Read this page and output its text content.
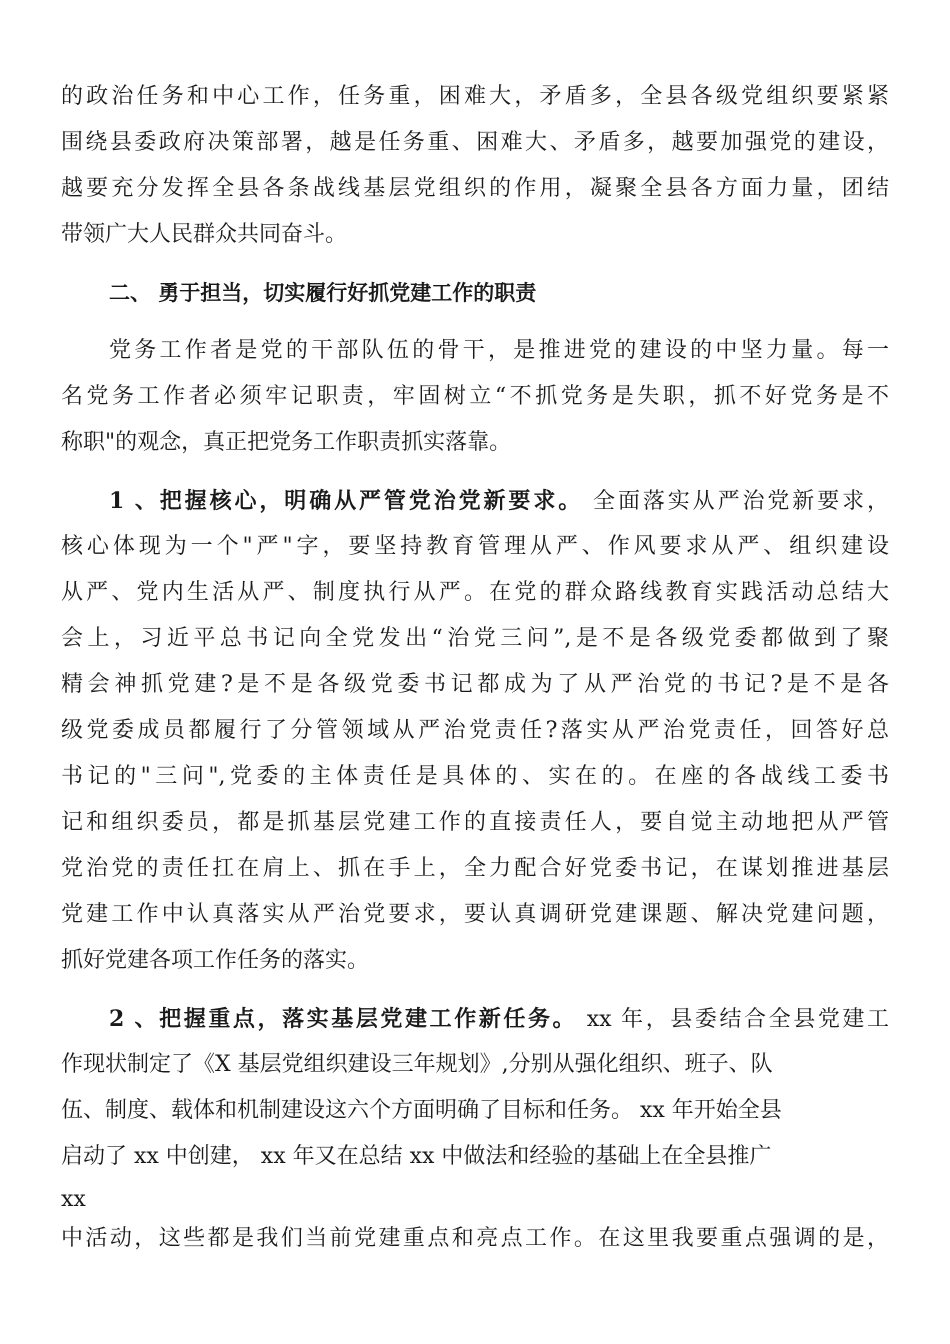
的政治任务和中心工作，任务重，困难大，矛盾多，全县各级党组织要紧紧
围绕县委政府决策部署，越是任务重、困难大、矛盾多，越要加强党的建设，
越要充分发挥全县各条战线基层党组织的作用，凝聚全县各方面力量，团结
带领广大人民群众共同奋斗。
二、 勇于担当，切实履行好抓党建工作的职责
党务工作者是党的干部队伍的骨干，是推进党的建设的中坚力量。每一
名党务工作者必须牢记职责，牢固树立“不抓党务是失职，抓不好党务是不
称职"的观念，真正把党务工作职责抓实落靠。
1 、把握核心，明确从严管党治党新要求。 全面落实从严治党新要求，
核心体现为一个"严"字，要坚持教育管理从严、作风要求从严、组织建设
从严、党内生活从严、制度执行从严。在党的群众路线教育实践活动总结大
会上，习近平总书记向全党发出“治党三问”,是不是各级党委都做到了聚
精会神抓党建?是不是各级党委书记都成为了从严治党的书记?是不是各
级党委成员都履行了分管领域从严治党责任?落实从严治党责任，回答好总
书记的"三问",党委的主体责任是具体的、实在的。在座的各战线工委书
记和组织委员，都是抓基层党建工作的直接责任人，要自觉主动地把从严管
党治党的责任扛在肩上、抓在手上，全力配合好党委书记，在谋划推进基层
党建工作中认真落实从严治党要求，要认真调研党建课题、解决党建问题，
抓好党建各项工作任务的落实。
2 、把握重点，落实基层党建工作新任务。 xx 年，县委结合全县党建工
作现状制定了《X 基层党组织建设三年规划》,分别从强化组织、班子、队
伍、制度、载体和机制建设这六个方面明确了目标和任务。 xx 年开始全县
启动了 xx 中创建， xx 年又在总结 xx 中做法和经验的基础上在全县推广
xx
中活动，这些都是我们当前党建重点和亮点工作。在这里我要重点强调的是，
